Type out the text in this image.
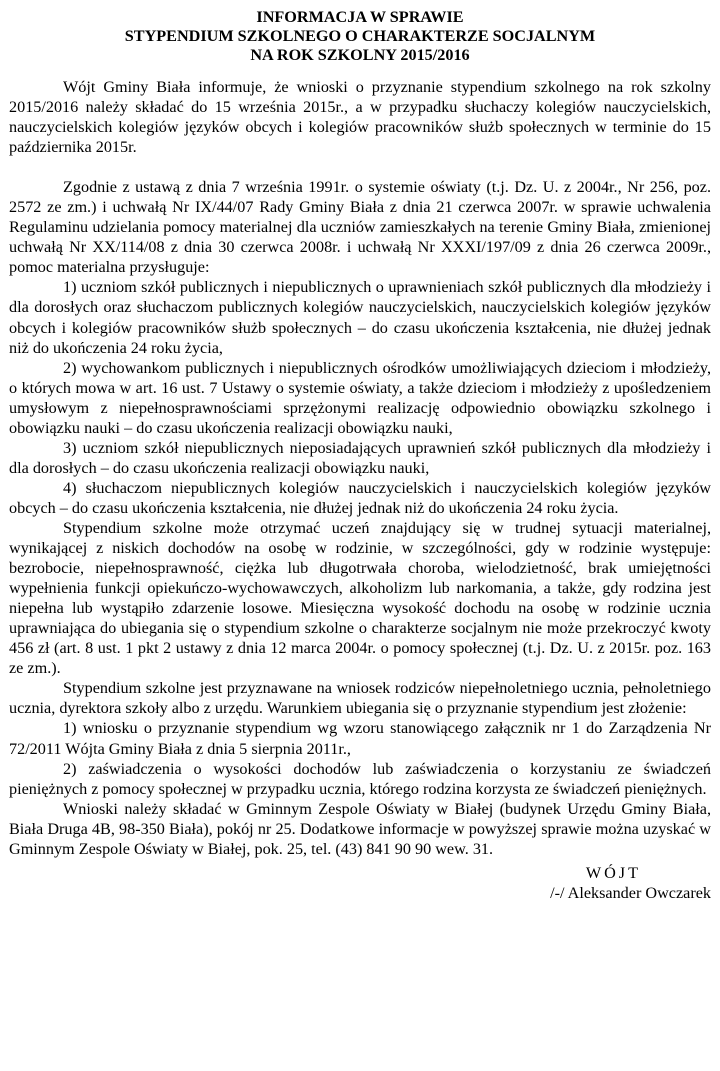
INFORMACJA W SPRAWIE
STYPENDIUM SZKOLNEGO O CHARAKTERZE SOCJALNYM
NA ROK SZKOLNY 2015/2016

Wójt Gminy Biała informuje, że wnioski o przyznanie stypendium szkolnego na rok szkolny 2015/2016 należy składać do 15 września 2015r., a w przypadku słuchaczy kolegiów nauczycielskich, nauczycielskich kolegiów języków obcych i kolegiów pracowników służb społecznych w terminie do 15 października 2015r.

Zgodnie z ustawą z dnia 7 września 1991r. o systemie oświaty (t.j. Dz. U. z 2004r., Nr 256, poz. 2572 ze zm.) i uchwałą Nr IX/44/07 Rady Gminy Biała z dnia 21 czerwca 2007r. w sprawie uchwalenia Regulaminu udzielania pomocy materialnej dla uczniów zamieszkałych na terenie Gminy Biała, zmienionej uchwałą Nr XX/114/08 z dnia 30 czerwca 2008r. i uchwałą Nr XXXI/197/09 z dnia 26 czerwca 2009r., pomoc materialna przysługuje:

1) uczniom szkół publicznych i niepublicznych o uprawnieniach szkół publicznych dla młodzieży i dla dorosłych oraz słuchaczom publicznych kolegiów nauczycielskich, nauczycielskich kolegiów języków obcych i kolegiów pracowników służb społecznych – do czasu ukończenia kształcenia, nie dłużej jednak niż do ukończenia 24 roku życia,

2) wychowankom publicznych i niepublicznych ośrodków umożliwiających dzieciom i młodzieży, o których mowa w art. 16 ust. 7 Ustawy o systemie oświaty, a także dzieciom i młodzieży z upośledzeniem umysłowym z niepełnosprawnościami sprzężonymi realizację odpowiednio obowiązku szkolnego i obowiązku nauki – do czasu ukończenia realizacji obowiązku nauki,

3) uczniom szkół niepublicznych nieposiadających uprawnień szkół publicznych dla młodzieży i dla dorosłych – do czasu ukończenia realizacji obowiązku nauki,

4) słuchaczom niepublicznych kolegiów nauczycielskich i nauczycielskich kolegiów języków obcych – do czasu ukończenia kształcenia, nie dłużej jednak niż do ukończenia 24 roku życia.

Stypendium szkolne może otrzymać uczeń znajdujący się w trudnej sytuacji materialnej, wynikającej z niskich dochodów na osobę w rodzinie, w szczególności, gdy w rodzinie występuje: bezrobocie, niepełnosprawność, ciężka lub długotrwała choroba, wielodzietność, brak umiejętności wypełnienia funkcji opiekuńczo-wychowawczych, alkoholizm lub narkomania, a także, gdy rodzina jest niepełna lub wystąpiło zdarzenie losowe. Miesięczna wysokość dochodu na osobę w rodzinie ucznia uprawniająca do ubiegania się o stypendium szkolne o charakterze socjalnym nie może przekroczyć kwoty 456 zł (art. 8 ust. 1 pkt 2 ustawy z dnia 12 marca 2004r. o pomocy społecznej (t.j. Dz. U. z 2015r. poz. 163 ze zm.).

Stypendium szkolne jest przyznawane na wniosek rodziców niepełnoletniego ucznia, pełnoletniego ucznia, dyrektora szkoły albo z urzędu. Warunkiem ubiegania się o przyznanie stypendium jest złożenie:

1) wniosku o przyznanie stypendium wg wzoru stanowiącego załącznik nr 1 do Zarządzenia Nr 72/2011 Wójta Gminy Biała z dnia 5 sierpnia 2011r.,

2) zaświadczenia o wysokości dochodów lub zaświadczenia o korzystaniu ze świadczeń pieniężnych z pomocy społecznej w przypadku ucznia, którego rodzina korzysta ze świadczeń pieniężnych.

Wnioski należy składać w Gminnym Zespole Oświaty w Białej (budynek Urzędu Gminy Biała, Biała Druga 4B, 98-350 Biała), pokój nr 25. Dodatkowe informacje w powyższej sprawie można uzyskać w Gminnym Zespole Oświaty w Białej, pok. 25, tel. (43) 841 90 90 wew. 31.

WÓJT
/-/ Aleksander Owczarek
